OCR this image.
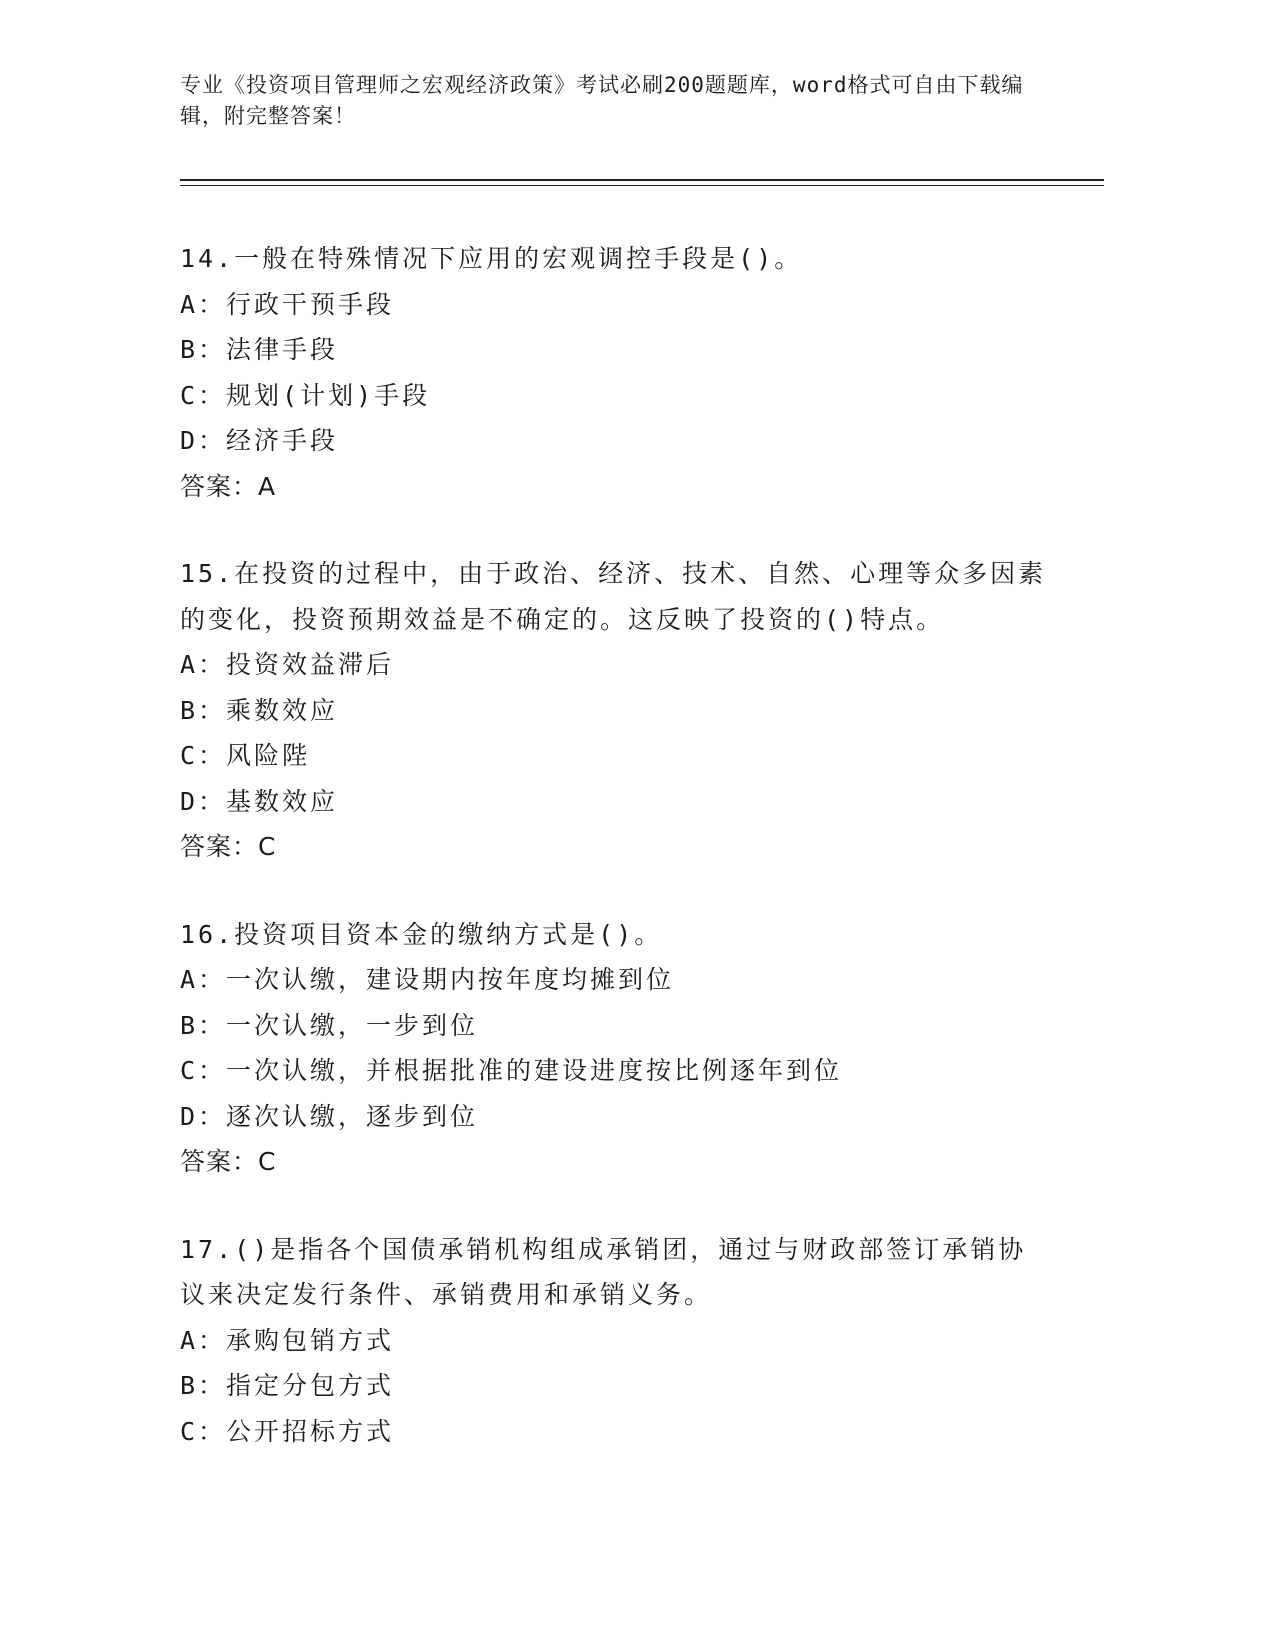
专业《投资项目管理师之宏观经济政策》考试必刷200题题库，word格式可自由下载编辑，附完整答案！
14.一般在特殊情况下应用的宏观调控手段是()。
A：行政干预手段
B：法律手段
C：规划(计划)手段
D：经济手段
答案：A
15.在投资的过程中，由于政治、经济、技术、自然、心理等众多因素的变化，投资预期效益是不确定的。这反映了投资的()特点。
A：投资效益滞后
B：乘数效应
C：风险陛
D：基数效应
答案：C
16.投资项目资本金的缴纳方式是()。
A：一次认缴，建设期内按年度均摊到位
B：一次认缴，一步到位
C：一次认缴，并根据批准的建设进度按比例逐年到位
D：逐次认缴，逐步到位
答案：C
17.()是指各个国债承销机构组成承销团，通过与财政部签订承销协议来决定发行条件、承销费用和承销义务。
A：承购包销方式
B：指定分包方式
C：公开招标方式
